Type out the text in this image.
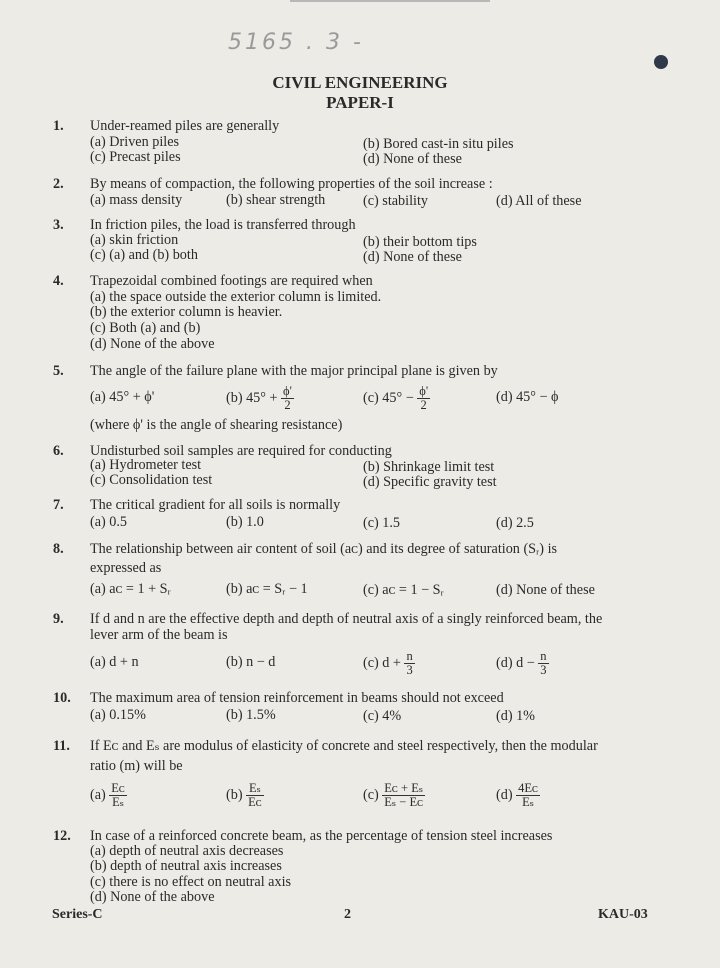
5165 . 3 -
CIVIL ENGINEERING
PAPER-I
1. Under-reamed piles are generally
(a) Driven piles	(b) Bored cast-in situ piles
(c) Precast piles	(d) None of these
2. By means of compaction, the following properties of the soil increase :
(a) mass density	(b) shear strength	(c) stability	(d) All of these
3. In friction piles, the load is transferred through
(a) skin friction	(b) their bottom tips
(c) (a) and (b) both	(d) None of these
4. Trapezoidal combined footings are required when
(a) the space outside the exterior column is limited.
(b) the exterior column is heavier.
(c) Both (a) and (b)
(d) None of the above
5. The angle of the failure plane with the major principal plane is given by
(a) 45° + ϕ'	(b) $45^\circ + \frac{\phi'}{2}$	(c) $45^\circ - \frac{\phi'}{2}$	(d) 45° − ϕ
(where ϕ' is the angle of shearing resistance)
6. Undisturbed soil samples are required for conducting
(a) Hydrometer test	(b) Shrinkage limit test
(c) Consolidation test	(d) Specific gravity test
7. The critical gradient for all soils is normally
(a) 0.5	(b) 1.0	(c) 1.5	(d) 2.5
8. The relationship between air content of soil (aᴄ) and its degree of saturation (Sᵣ) is
expressed as
(a) aᴄ = 1 + Sᵣ	(b) aᴄ = Sᵣ − 1	(c) aᴄ = 1 − Sᵣ	(d) None of these
9. If d and n are the effective depth and depth of neutral axis of a singly reinforced beam, the
lever arm of the beam is
(a) d + n	(b) n − d	(c) $d + \frac{n}{3}$	(d) $d - \frac{n}{3}$
10. The maximum area of tension reinforcement in beams should not exceed
(a) 0.15%	(b) 1.5%	(c) 4%	(d) 1%
11. If Eᴄ and Eₛ are modulus of elasticity of concrete and steel respectively, then the modular
ratio (m) will be
$(a) \frac{\text{Eᴄ}}{\text{Eₛ}}$	$(b) \frac{\text{Eₛ}}{\text{Eᴄ}}$	$(c) \frac{\text{Eᴄ + Eₛ}}{\text{Eₛ − Eᴄ}}$	$(d) \frac{\text{4Eᴄ}}{\text{Eₛ}}$
12. In case of a reinforced concrete beam, as the percentage of tension steel increases
(a) depth of neutral axis decreases
(b) depth of neutral axis increases
(c) there is no effect on neutral axis
(d) None of the above
Series-C	2	KAU-03
